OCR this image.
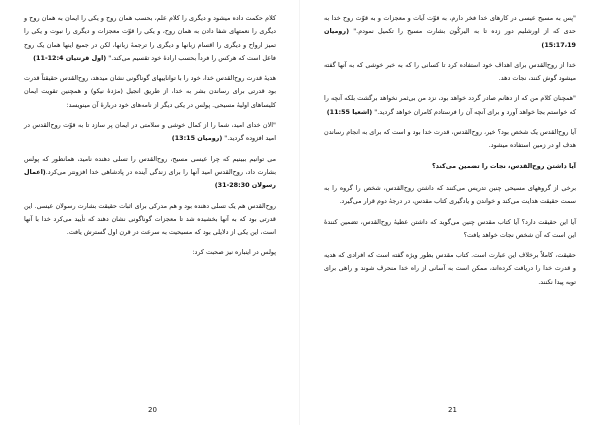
کلام حکمت داده میشود و دیگری را کلام علم، بحسب همان روح و یکی را ایمان به همان روح و دیگری را نعمتهای شفا دادن به همان روح، و یکی را قوّت معجزات و دیگری را نبوت و یکی را تمیز ارواح و دیگری را اقسام زبانها و دیگری را ترجمهٔ زبانها، لکن در جمیع اینها همان یک روح فاعل است که هرکس را فرداً بحسب ارادهٔ خود تقسیم می‌کند." (اول قرنتیان 12:4-11)

هدیهٔ قدرت روح‌القدس خدا، خود را با تواناییهای گوناگونی نشان میدهد، روح‌القدس حقیقتاً قدرت بود قدرتی برای رساندن بشر به خدا، از طریق انجیل (مژدهٔ نیکو) و همچنین تقویت ایمان کلیساهای اولیهٔ مسیحی. پولس در یکی دیگر از نامه‌های خود دربارهٔ آن مینویسد:

"الان خدای امید، شما را از کمال خوشی و سلامتی در ایمان پر سازد تا به قوّت روح‌القدس در امید افزوده گردید." (رومیان 13:15)

می توانیم ببینیم که چرا عیسی مسیح، روح‌القدس را تسلی دهنده نامید، همانطور که پولس بشارت داد، روح‌القدس امید آنها را برای زندگی آینده در پادشاهی خدا افزونتر می‌کرد.(اعمال رسولان 28:30-31)

روح‌القدس هم یک تسلی دهنده بود و هم مدرکی برای اثبات حقیقت بشارت رسولان عیسی. این قدرتی بود که به آنها بخشیده شد تا معجزات گوناگونی نشان دهند که تأیید می‌کرد خدا با آنها است، این یکی از دلایلی بود که مسیحیت به سرعت در قرن اول گسترش یافت.

پولس در اینباره نیز صحبت کرد:

20

"پس به مسیح عیسی در کارهای خدا فخر دارم، به قوّت آیات و معجزات و به قوّت روح خدا به حدی که از اورشلیم دور زده تا به الیرکُون بشارت مسیح را تکمیل نمودم." (رومیان 15:17،19)

خدا از روح‌القدس برای اهداف خود استفاده کرد تا کسانی را که به خبر خوشی که به آنها گفته میشود گوش کنند، نجات دهد.

"همچنان کلام من که از دهانم صادر گردد خواهد بود، نزد من بی‌ثمر نخواهد برگشت بلکه آنچه را که خواستم بجا خواهد آورد و برای آنچه آن را فرستادم کامران خواهد گردید." (اشعیا 11:55)

آیا روح‌القدس یک شخص بود؟ خیر، روح‌القدس، قدرت خدا بود و است که برای به انجام رساندن هدف او در زمین استفاده میشود.

آیا داشتن روح‌القدس، نجات را تضمین می‌کند؟

برخی از گروههای مسیحی چنین تدریس می‌کنند که داشتن روح‌القدس، شخص را گروه را به سمت حقیقت هدایت می‌کند و خواندن و یادگیری کتاب مقدس، در درجهٔ دوم قرار می‌گیرد.

آیا این حقیقت دارد؟ آیا کتاب مقدس چنین می‌گوید که داشتن عطیهٔ روح‌القدس، تضمین کنندهٔ این است که آن شخص نجات خواهد یافت؟

حقیقت، کاملاً برخلاف این عبارت است. کتاب مقدس بطور ویژه گفته است که افرادی که هدیه و قدرت خدا را دریافت کرده‌اند، ممکن است به آسانی از راه خدا منحرف شوند و راهی برای توبه پیدا نکنند.

21
